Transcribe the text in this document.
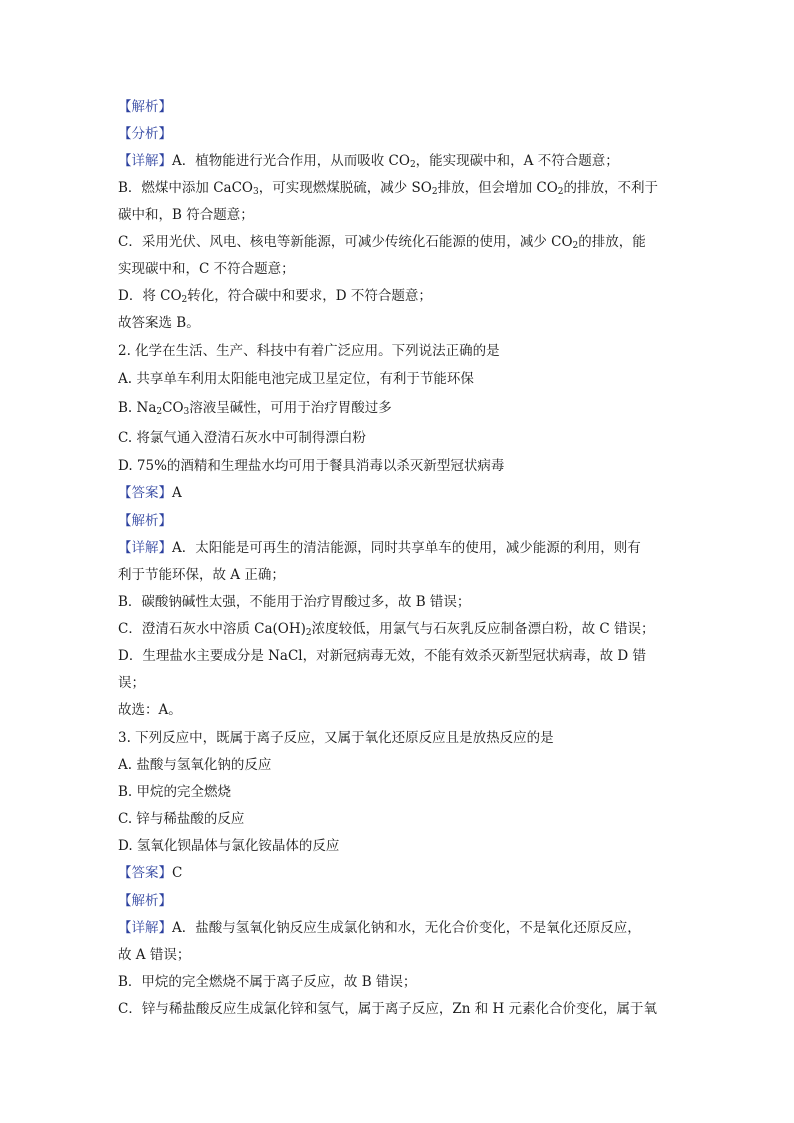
【解析】
【分析】
【详解】A．植物能进行光合作用，从而吸收 $CO_2$，能实现碳中和，A 不符合题意；
B．燃煤中添加 CaCO$_3$，可实现燃煤脱硫，减少 $SO_2$排放，但会增加 $CO_2$的排放，不利于
碳中和，B 符合题意；
C．采用光伏、风电、核电等新能源，可减少传统化石能源的使用，减少 $CO_2$的排放，能
实现碳中和，C 不符合题意；
D．将 $CO_2$转化，符合碳中和要求，D 不符合题意；
故答案选 B。
2. 化学在生活、生产、科技中有着广泛应用。下列说法正确的是
A. 共享单车利用太阳能电池完成卫星定位，有利于节能环保
B. $Na_2CO_3$溶液呈碱性，可用于治疗胃酸过多
C. 将氯气通入澄清石灰水中可制得漂白粉
D. 75%的酒精和生理盐水均可用于餐具消毒以杀灭新型冠状病毒
【答案】A
【解析】
【详解】A．太阳能是可再生的清洁能源，同时共享单车的使用，减少能源的利用，则有
利于节能环保，故 A 正确；
B．碳酸钠碱性太强，不能用于治疗胃酸过多，故 B 错误；
C．澄清石灰水中溶质 $Ca(OH)_2$浓度较低，用氯气与石灰乳反应制备漂白粉，故 C 错误；
D．生理盐水主要成分是 NaCl，对新冠病毒无效，不能有效杀灭新型冠状病毒，故 D 错
误；
故选：A。
3. 下列反应中，既属于离子反应，又属于氧化还原反应且是放热反应的是
A. 盐酸与氢氧化钠的反应
B. 甲烷的完全燃烧
C. 锌与稀盐酸的反应
D. 氢氧化钡晶体与氯化铵晶体的反应
【答案】C
【解析】
【详解】A．盐酸与氢氧化钠反应生成氯化钠和水，无化合价变化，不是氧化还原反应，
故 A 错误；
B．甲烷的完全燃烧不属于离子反应，故 B 错误；
C．锌与稀盐酸反应生成氯化锌和氢气，属于离子反应，Zn 和 H 元素化合价变化，属于氧
